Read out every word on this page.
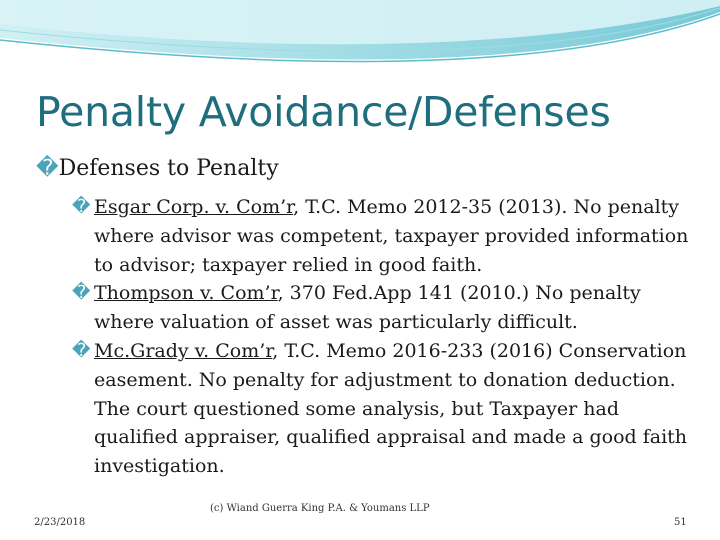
Penalty Avoidance/Defenses
�Defenses to Penalty
� Esgar Corp. v. Com’r, T.C. Memo 2012-35 (2013). No penalty where advisor was competent, taxpayer provided information to advisor; taxpayer relied in good faith.
� Thompson v. Com’r, 370 Fed.App 141 (2010.) No penalty where valuation of asset was particularly difficult.
� Mc.Grady v. Com’r, T.C. Memo 2016-233 (2016) Conservation easement. No penalty for adjustment to donation deduction. The court questioned some analysis, but Taxpayer had qualified appraiser, qualified appraisal and made a good faith investigation.
2/23/2018
(c) Wiand Guerra King P.A. & Youmans LLP
51
